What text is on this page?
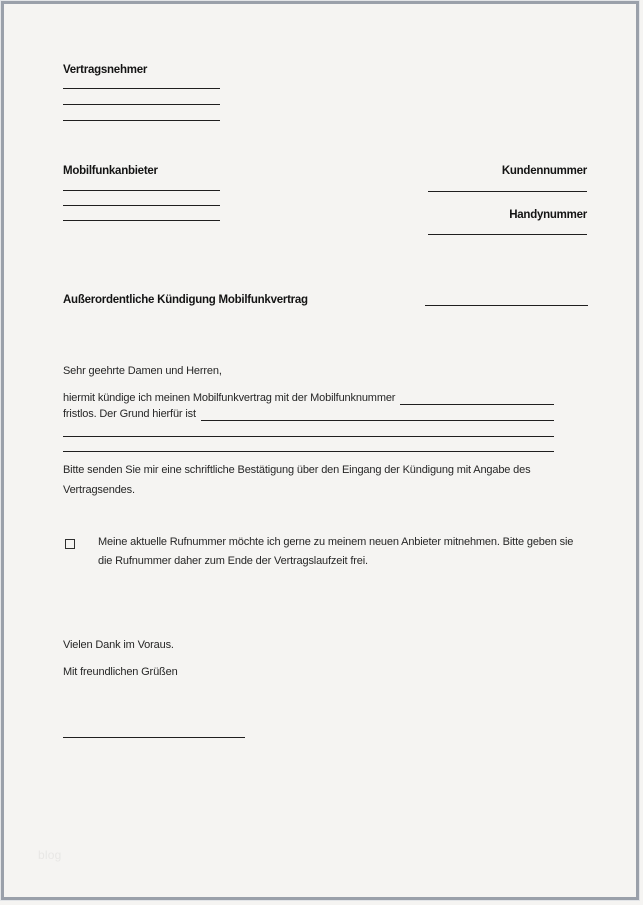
Vertragsnehmer
Mobilfunkanbieter	Kundennummer
Handynummer
Außerordentliche Kündigung Mobilfunkvertrag
Sehr geehrte Damen und Herren,
hiermit kündige ich meinen Mobilfunkvertrag mit der Mobilfunknummer
fristlos. Der Grund hierfür ist
Bitte senden Sie mir eine schriftliche Bestätigung über den Eingang der Kündigung mit Angabe des Vertragsendes.
Meine aktuelle Rufnummer möchte ich gerne zu meinem neuen Anbieter mitnehmen. Bitte geben sie die Rufnummer daher zum Ende der Vertragslaufzeit frei.
Vielen Dank im Voraus.
Mit freundlichen Grüßen
blog
